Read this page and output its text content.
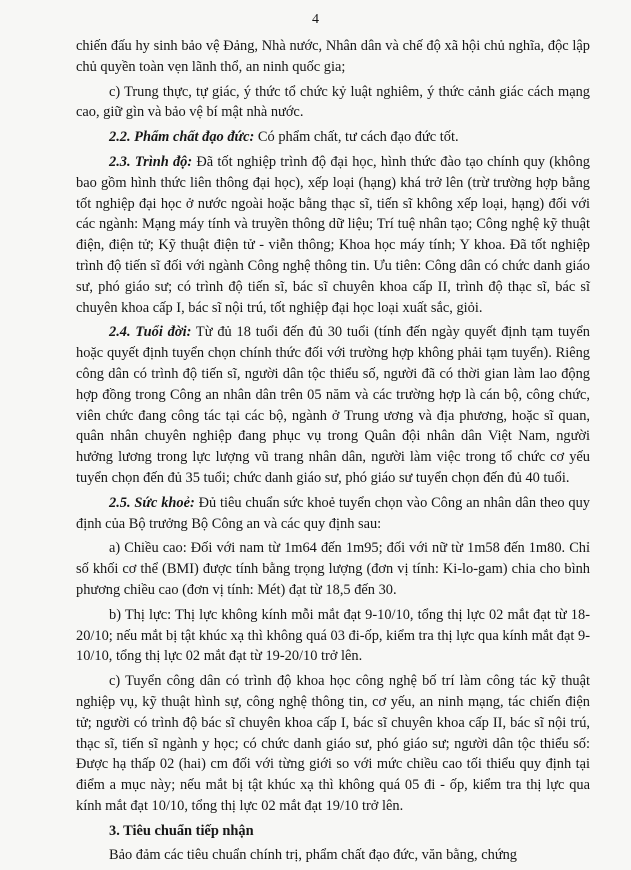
4

chiến đấu hy sinh bảo vệ Đảng, Nhà nước, Nhân dân và chế độ xã hội chủ nghĩa, độc lập chủ quyền toàn vẹn lãnh thổ, an ninh quốc gia;

c) Trung thực, tự giác, ý thức tổ chức kỷ luật nghiêm, ý thức cảnh giác cách mạng cao, giữ gìn và bảo vệ bí mật nhà nước.

2.2. Phẩm chất đạo đức: Có phẩm chất, tư cách đạo đức tốt.

2.3. Trình độ: Đã tốt nghiệp trình độ đại học, hình thức đào tạo chính quy (không bao gồm hình thức liên thông đại học), xếp loại (hạng) khá trở lên (trừ trường hợp bằng tốt nghiệp đại học ở nước ngoài hoặc bằng thạc sĩ, tiến sĩ không xếp loại, hạng) đối với các ngành: Mạng máy tính và truyền thông dữ liệu; Trí tuệ nhân tạo; Công nghệ kỹ thuật điện, điện tử; Kỹ thuật điện tử - viễn thông; Khoa học máy tính; Y khoa. Đã tốt nghiệp trình độ tiến sĩ đối với ngành Công nghệ thông tin. Ưu tiên: Công dân có chức danh giáo sư, phó giáo sư; có trình độ tiến sĩ, bác sĩ chuyên khoa cấp II, trình độ thạc sĩ, bác sĩ chuyên khoa cấp I, bác sĩ nội trú, tốt nghiệp đại học loại xuất sắc, giỏi.

2.4. Tuổi đời: Từ đủ 18 tuổi đến đủ 30 tuổi (tính đến ngày quyết định tạm tuyển hoặc quyết định tuyển chọn chính thức đối với trường hợp không phải tạm tuyển). Riêng công dân có trình độ tiến sĩ, người dân tộc thiểu số, người đã có thời gian làm lao động hợp đồng trong Công an nhân dân trên 05 năm và các trường hợp là cán bộ, công chức, viên chức đang công tác tại các bộ, ngành ở Trung ương và địa phương, hoặc sĩ quan, quân nhân chuyên nghiệp đang phục vụ trong Quân đội nhân dân Việt Nam, người hưởng lương trong lực lượng vũ trang nhân dân, người làm việc trong tổ chức cơ yếu tuyển chọn đến đủ 35 tuổi; chức danh giáo sư, phó giáo sư tuyển chọn đến đủ 40 tuổi.

2.5. Sức khoẻ: Đủ tiêu chuẩn sức khoẻ tuyển chọn vào Công an nhân dân theo quy định của Bộ trưởng Bộ Công an và các quy định sau:

a) Chiều cao: Đối với nam từ 1m64 đến 1m95; đối với nữ từ 1m58 đến 1m80. Chỉ số khối cơ thể (BMI) được tính bằng trọng lượng (đơn vị tính: Ki-lo-gam) chia cho bình phương chiều cao (đơn vị tính: Mét) đạt từ 18,5 đến 30.

b) Thị lực: Thị lực không kính mỗi mắt đạt 9-10/10, tổng thị lực 02 mắt đạt từ 18-20/10; nếu mắt bị tật khúc xạ thì không quá 03 đi-ốp, kiểm tra thị lực qua kính mắt đạt 9-10/10, tổng thị lực 02 mắt đạt từ 19-20/10 trở lên.

c) Tuyển công dân có trình độ khoa học công nghệ bố trí làm công tác kỹ thuật nghiệp vụ, kỹ thuật hình sự, công nghệ thông tin, cơ yếu, an ninh mạng, tác chiến điện tử; người có trình độ bác sĩ chuyên khoa cấp I, bác sĩ chuyên khoa cấp II, bác sĩ nội trú, thạc sĩ, tiến sĩ ngành y học; có chức danh giáo sư, phó giáo sư; người dân tộc thiểu số: Được hạ thấp 02 (hai) cm đối với từng giới so với mức chiều cao tối thiểu quy định tại điểm a mục này; nếu mắt bị tật khúc xạ thì không quá 05 đi - ốp, kiểm tra thị lực qua kính mắt đạt 10/10, tổng thị lực 02 mắt đạt 19/10 trở lên.

3. Tiêu chuẩn tiếp nhận

Bảo đảm các tiêu chuẩn chính trị, phẩm chất đạo đức, văn bằng, chứng
